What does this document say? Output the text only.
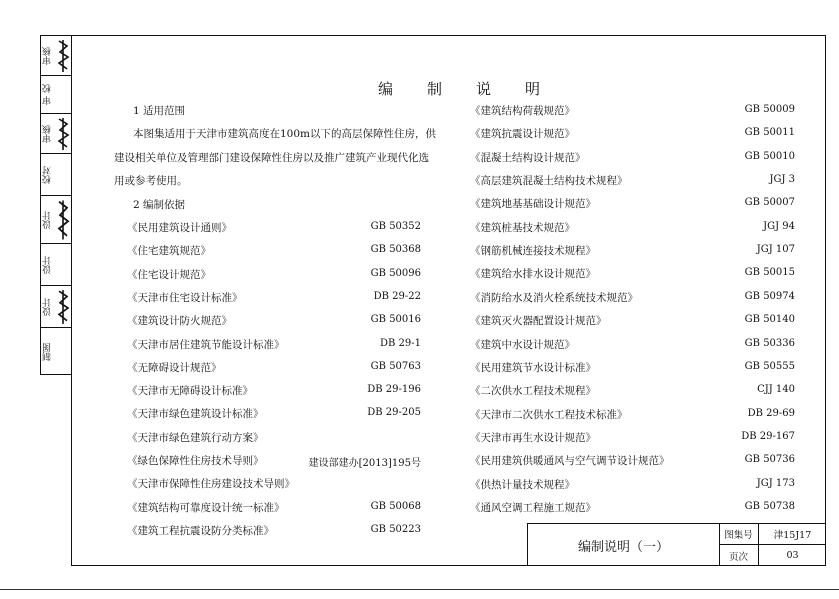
审核
审 校
审核
校对
设计
设计
设计
制图
编 制 说 明
1 适用范围
本图集适用于天津市建筑高度在100m以下的高层保障性住房，供
建设相关单位及管理部门建设保障性住房以及推广建筑产业现代化选
用或参考使用。
2 编制依据
《民用建筑设计通则》	GB 50352
《住宅建筑规范》	GB 50368
《住宅设计规范》	GB 50096
《天津市住宅设计标准》	DB 29-22
《建筑设计防火规范》	GB 50016
《天津市居住建筑节能设计标准》	DB 29-1
《无障碍设计规范》	GB 50763
《天津市无障碍设计标准》	DB 29-196
《天津市绿色建筑设计标准》	DB 29-205
《天津市绿色建筑行动方案》
《绿色保障性住房技术导则》	建设部建办[2013]195号
《天津市保障性住房建设技术导则》
《建筑结构可靠度设计统一标准》	GB 50068
《建筑工程抗震设防分类标准》	GB 50223
《建筑结构荷载规范》	GB 50009
《建筑抗震设计规范》	GB 50011
《混凝土结构设计规范》	GB 50010
《高层建筑混凝土结构技术规程》	JGJ 3
《建筑地基基础设计规范》	GB 50007
《建筑桩基技术规范》	JGJ 94
《钢筋机械连接技术规程》	JGJ 107
《建筑给水排水设计规范》	GB 50015
《消防给水及消火栓系统技术规范》	GB 50974
《建筑灭火器配置设计规范》	GB 50140
《建筑中水设计规范》	GB 50336
《民用建筑节水设计标准》	GB 50555
《二次供水工程技术规程》	CJJ 140
《天津市二次供水工程技术标准》	DB 29-69
《天津市再生水设计规范》	DB 29-167
《民用建筑供暖通风与空气调节设计规范》	GB 50736
《供热计量技术规程》	JGJ 173
《通风空调工程施工规范》	GB 50738
编制说明（一）
图集号	津15J17
页次	03
